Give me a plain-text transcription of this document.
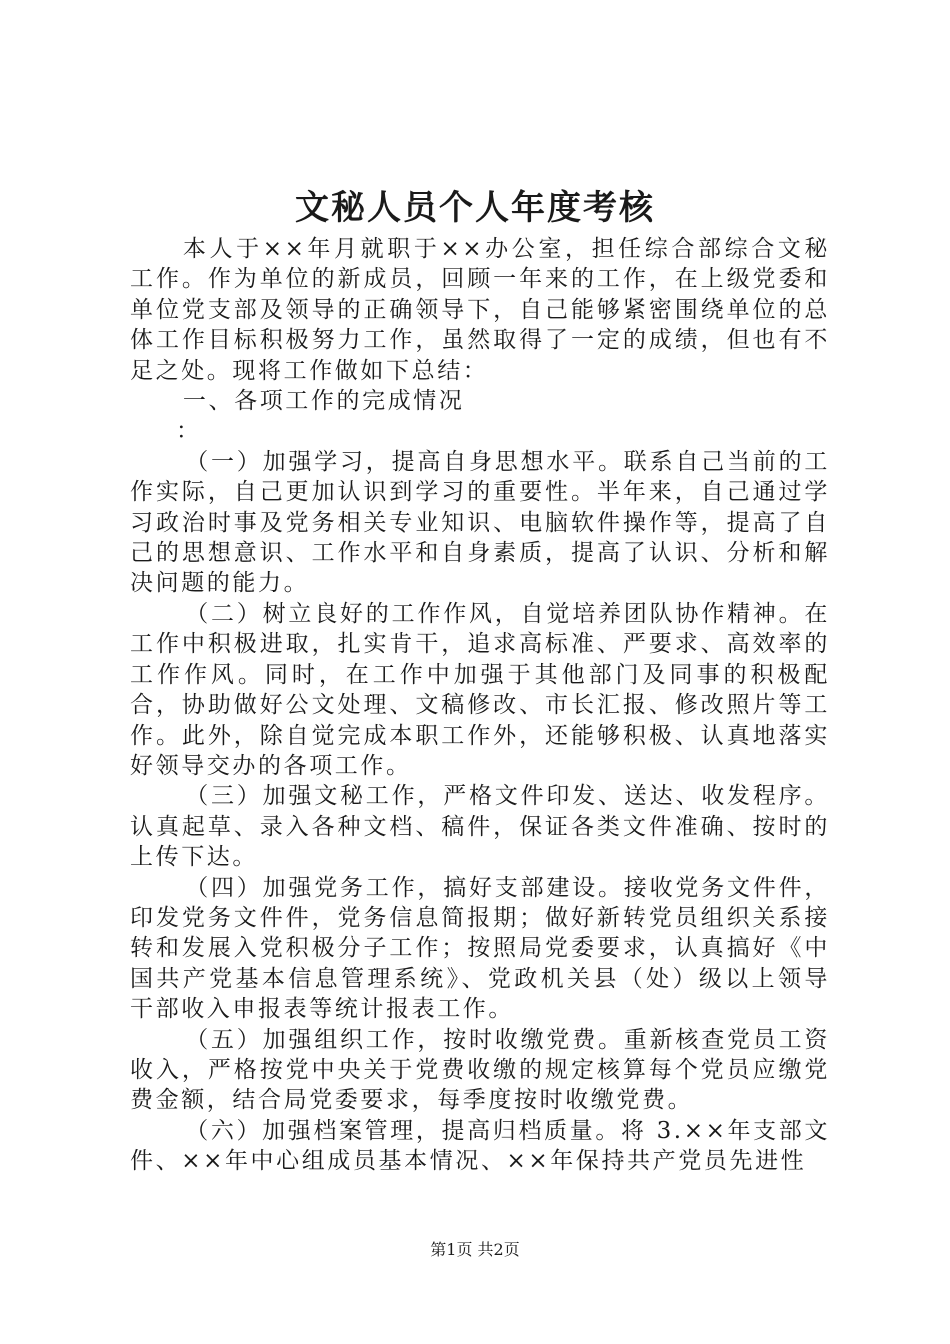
文秘人员个人年度考核

本人于××年月就职于××办公室，担任综合部综合文秘工作。作为单位的新成员，回顾一年来的工作，在上级党委和单位党支部及领导的正确领导下，自己能够紧密围绕单位的总体工作目标积极努力工作，虽然取得了一定的成绩，但也有不足之处。现将工作做如下总结：

一、各项工作的完成情况

：

（一）加强学习，提高自身思想水平。联系自己当前的工作实际，自己更加认识到学习的重要性。半年来，自己通过学习政治时事及党务相关专业知识、电脑软件操作等，提高了自己的思想意识、工作水平和自身素质，提高了认识、分析和解决问题的能力。

（二）树立良好的工作作风，自觉培养团队协作精神。在工作中积极进取，扎实肯干，追求高标准、严要求、高效率的工作作风。同时，在工作中加强于其他部门及同事的积极配合，协助做好公文处理、文稿修改、市长汇报、修改照片等工作。此外，除自觉完成本职工作外，还能够积极、认真地落实好领导交办的各项工作。

（三）加强文秘工作，严格文件印发、送达、收发程序。认真起草、录入各种文档、稿件，保证各类文件准确、按时的上传下达。

（四）加强党务工作，搞好支部建设。接收党务文件件，印发党务文件件，党务信息简报期；做好新转党员组织关系接转和发展入党积极分子工作；按照局党委要求，认真搞好《中国共产党基本信息管理系统》、党政机关县（处）级以上领导干部收入申报表等统计报表工作。

（五）加强组织工作，按时收缴党费。重新核查党员工资收入，严格按党中央关于党费收缴的规定核算每个党员应缴党费金额，结合局党委要求，每季度按时收缴党费。

（六）加强档案管理，提高归档质量。将 3.××年支部文件、××年中心组成员基本情况、××年保持共产党员先进性

第1页 共2页
